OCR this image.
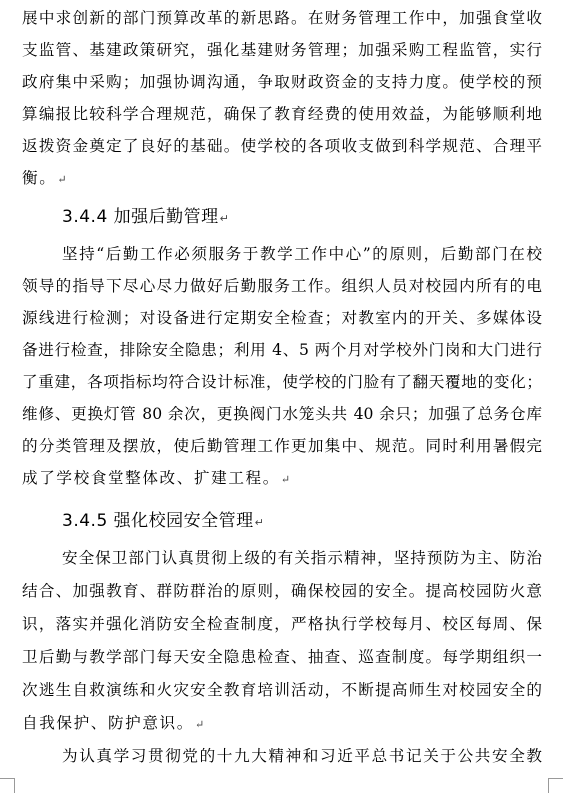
展中求创新的部门预算改革的新思路。在财务管理工作中，加强食堂收
支监管、基建政策研究，强化基建财务管理；加强采购工程监管，实行
政府集中采购；加强协调沟通，争取财政资金的支持力度。使学校的预
算编报比较科学合理规范，确保了教育经费的使用效益，为能够顺利地
返拨资金奠定了良好的基础。使学校的各项收支做到科学规范、合理平
衡。↵
3.4.4 加强后勤管理↵
坚持“后勤工作必须服务于教学工作中心”的原则，后勤部门在校
领导的指导下尽心尽力做好后勤服务工作。组织人员对校园内所有的电
源线进行检测；对设备进行定期安全检查；对教室内的开关、多媒体设
备进行检查，排除安全隐患；利用 4、5 两个月对学校外门岗和大门进行
了重建，各项指标均符合设计标准，使学校的门脸有了翻天覆地的变化；
维修、更换灯管 80 余次，更换阀门水笼头共 40 余只；加强了总务仓库
的分类管理及摆放，使后勤管理工作更加集中、规范。同时利用暑假完
成了学校食堂整体改、扩建工程。↵
3.4.5 强化校园安全管理↵
安全保卫部门认真贯彻上级的有关指示精神，坚持预防为主、防治
结合、加强教育、群防群治的原则，确保校园的安全。提高校园防火意
识，落实并强化消防安全检查制度，严格执行学校每月、校区每周、保
卫后勤与教学部门每天安全隐患检查、抽查、巡查制度。每学期组织一
次逃生自救演练和火灾安全教育培训活动，不断提高师生对校园安全的
自我保护、防护意识。↵
为认真学习贯彻党的十九大精神和习近平总书记关于公共安全教
